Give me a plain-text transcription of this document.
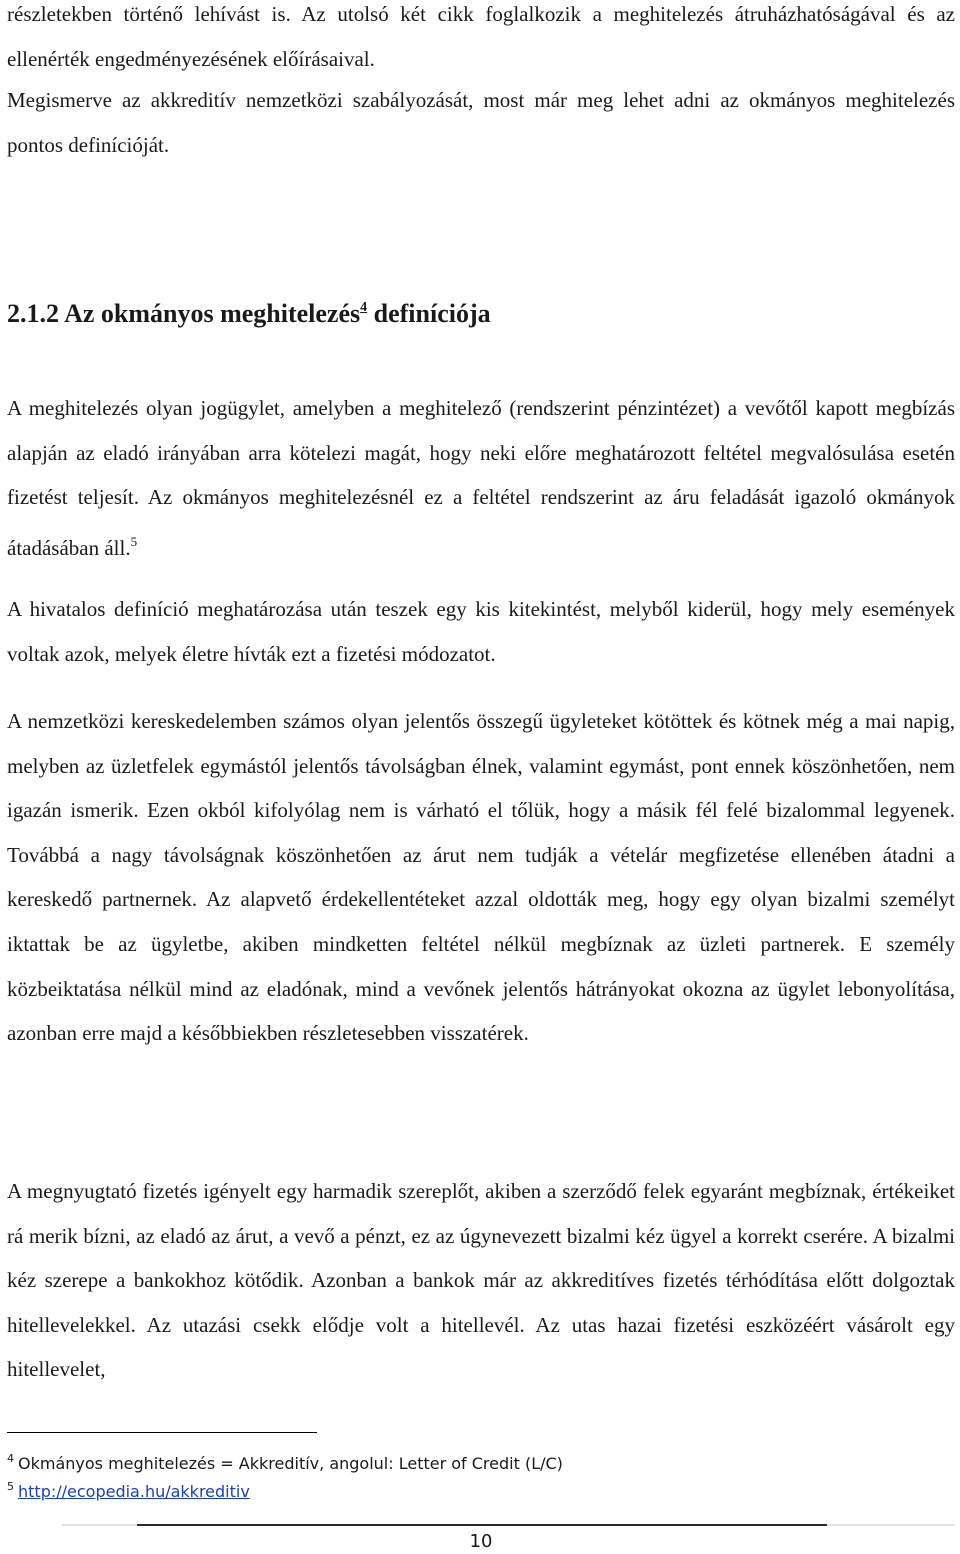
részletekben történő lehívást is. Az utolsó két cikk foglalkozik a meghitelezés átruházhatóságával és az ellenérték engedményezésének előírásaival.

Megismerve az akkreditív nemzetközi szabályozását, most már meg lehet adni az okmányos meghitelezés pontos definícióját.

2.1.2 Az okmányos meghitelezés$^4$ definíciója

A meghitelezés olyan jogügylet, amelyben a meghitelező (rendszerint pénzintézet) a vevőtől kapott megbízás alapján az eladó irányában arra kötelezi magát, hogy neki előre meghatározott feltétel megvalósulása esetén fizetést teljesít. Az okmányos meghitelezésnél ez a feltétel rendszerint az áru feladását igazoló okmányok átadásában áll.$^5$

A hivatalos definíció meghatározása után teszek egy kis kitekintést, melyből kiderül, hogy mely események voltak azok, melyek életre hívták ezt a fizetési módozatot.

A nemzetközi kereskedelemben számos olyan jelentős összegű ügyleteket kötöttek és kötnek még a mai napig, melyben az üzletfelek egymástól jelentős távolságban élnek, valamint egymást, pont ennek köszönhetően, nem igazán ismerik. Ezen okból kifolyólag nem is várható el tőlük, hogy a másik fél felé bizalommal legyenek. Továbbá a nagy távolságnak köszönhetően az árut nem tudják a vételár megfizetése ellenében átadni a kereskedő partnernek. Az alapvető érdekellentéteket azzal oldották meg, hogy egy olyan bizalmi személyt iktattak be az ügyletbe, akiben mindketten feltétel nélkül megbíznak az üzleti partnerek. E személy közbeiktatása nélkül mind az eladónak, mind a vevőnek jelentős hátrányokat okozna az ügylet lebonyolítása, azonban erre majd a későbbiekben részletesebben visszatérek.

A megnyugtató fizetés igényelt egy harmadik szereplőt, akiben a szerződő felek egyaránt megbíznak, értékeiket rá merik bízni, az eladó az árut, a vevő a pénzt, ez az úgynevezett bizalmi kéz ügyel a korrekt cserére. A bizalmi kéz szerepe a bankokhoz kötődik. Azonban a bankok már az akkreditíves fizetés térhódítása előtt dolgoztak hitellevelekkel. Az utazási csekk elődje volt a hitellevél. Az utas hazai fizetési eszközéért vásárolt egy hitellevelet,

$^4$ Okmányos meghitelezés = Akkreditív, angolul: Letter of Credit (L/C)

$^5$ http://ecopedia.hu/akkreditiv

10
